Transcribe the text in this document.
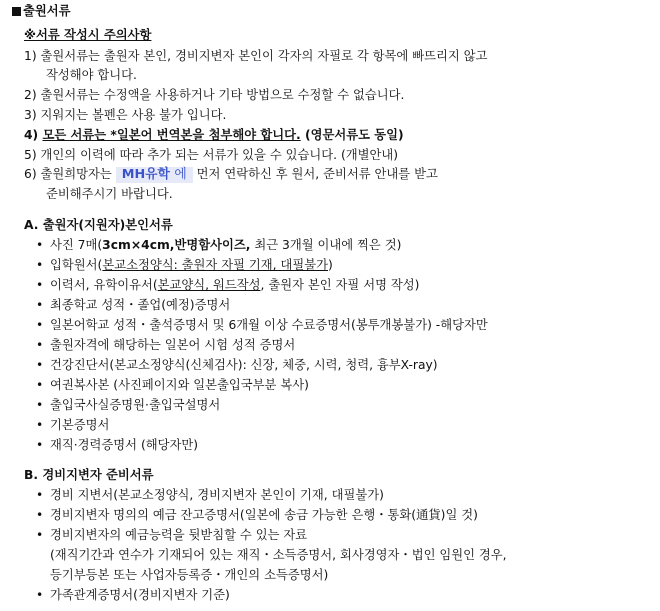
출원서류
※서류 작성시 주의사항
1) 출원서류는 출원자 본인, 경비지변자 본인이 각자의 자필로 각 항목에 빠뜨리지 않고
작성해야 합니다.
2) 출원서류는 수정액을 사용하거나 기타 방법으로 수정할 수 없습니다.
3) 지워지는 볼펜은 사용 불가 입니다.
4) 모든 서류는 *일본어 번역본을 첨부해야 합니다. (영문서류도 동일)
5) 개인의 이력에 따라 추가 되는 서류가 있을 수 있습니다. (개별안내)
6) 출원희망자는 MH유학 에 먼저 연락하신 후 원서, 준비서류 안내를 받고
준비해주시기 바랍니다.
A. 출원자(지원자)본인서류
• 사진 7매(3cm×4cm,반명함사이즈, 최근 3개월 이내에 찍은 것)
• 입학원서(본교소정양식: 출원자 자필 기재, 대필불가)
• 이력서, 유학이유서(본교양식, 워드작성, 출원자 본인 자필 서명 작성)
• 최종학교 성적・졸업(예정)증명서
• 일본어학교 성적・출석증명서 및 6개월 이상 수료증명서(봉투개봉불가) -해당자만
• 출원자격에 해당하는 일본어 시험 성적 증명서
• 건강진단서(본교소정양식(신체검사): 신장, 체중, 시력, 청력, 흉부X-ray)
• 여권복사본 (사진페이지와 일본출입국부분 복사)
• 출입국사실증명원·출입국설명서
• 기본증명서
• 재직·경력증명서 (해당자만)
B. 경비지변자 준비서류
• 경비 지변서(본교소정양식, 경비지변자 본인이 기재, 대필불가)
• 경비지변자 명의의 예금 잔고증명서(일본에 송금 가능한 은행・통화(通貨)일 것)
• 경비지변자의 예금능력을 뒷받침할 수 있는 자료
(재직기간과 연수가 기재되어 있는 재직・소득증명서, 회사경영자・법인 임원인 경우,
등기부등본 또는 사업자등록증・개인의 소득증명서)
• 가족관계증명서(경비지변자 기준)
